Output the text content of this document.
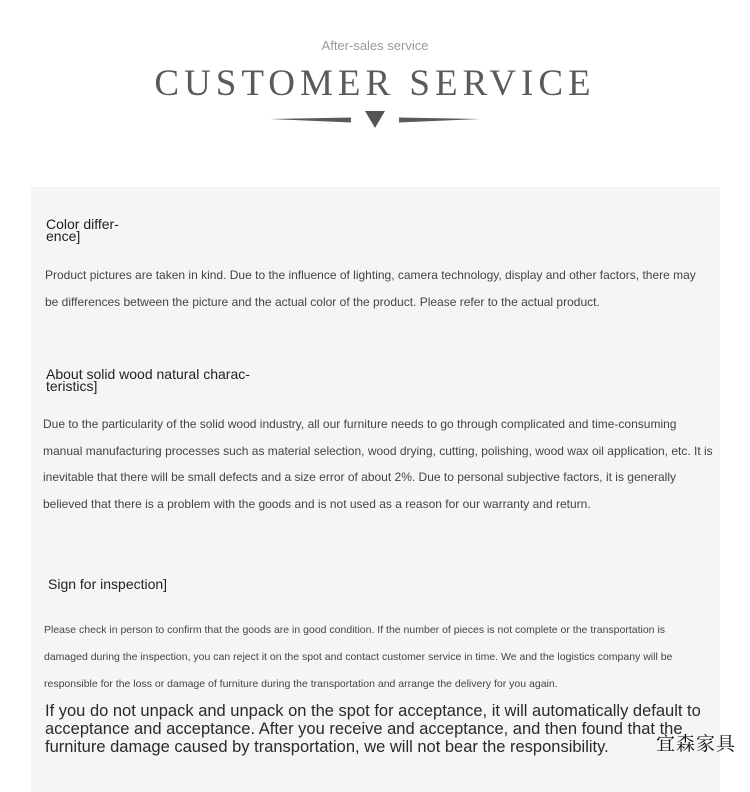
After-sales service
CUSTOMER SERVICE
Color differ-
ence]

Product pictures are taken in kind. Due to the influence of lighting, camera technology, display and other factors, there may be differences between the picture and the actual color of the product. Please refer to the actual product.

About solid wood natural charac-
teristics]

Due to the particularity of the solid wood industry, all our furniture needs to go through complicated and time-consuming manual manufacturing processes such as material selection, wood drying, cutting, polishing, wood wax oil application, etc. It is inevitable that there will be small defects and a size error of about 2%. Due to personal subjective factors, it is generally believed that there is a problem with the goods and is not used as a reason for our warranty and return.

Sign for inspection]

Please check in person to confirm that the goods are in good condition. If the number of pieces is not complete or the transportation is damaged during the inspection, you can reject it on the spot and contact customer service in time. We and the logistics company will be responsible for the loss or damage of furniture during the transportation and arrange the delivery for you again.

If you do not unpack and unpack on the spot for acceptance, it will automatically default to acceptance and acceptance. After you receive and acceptance, and then found that the furniture damage caused by transportation, we will not bear the responsibility.	宜森家具
